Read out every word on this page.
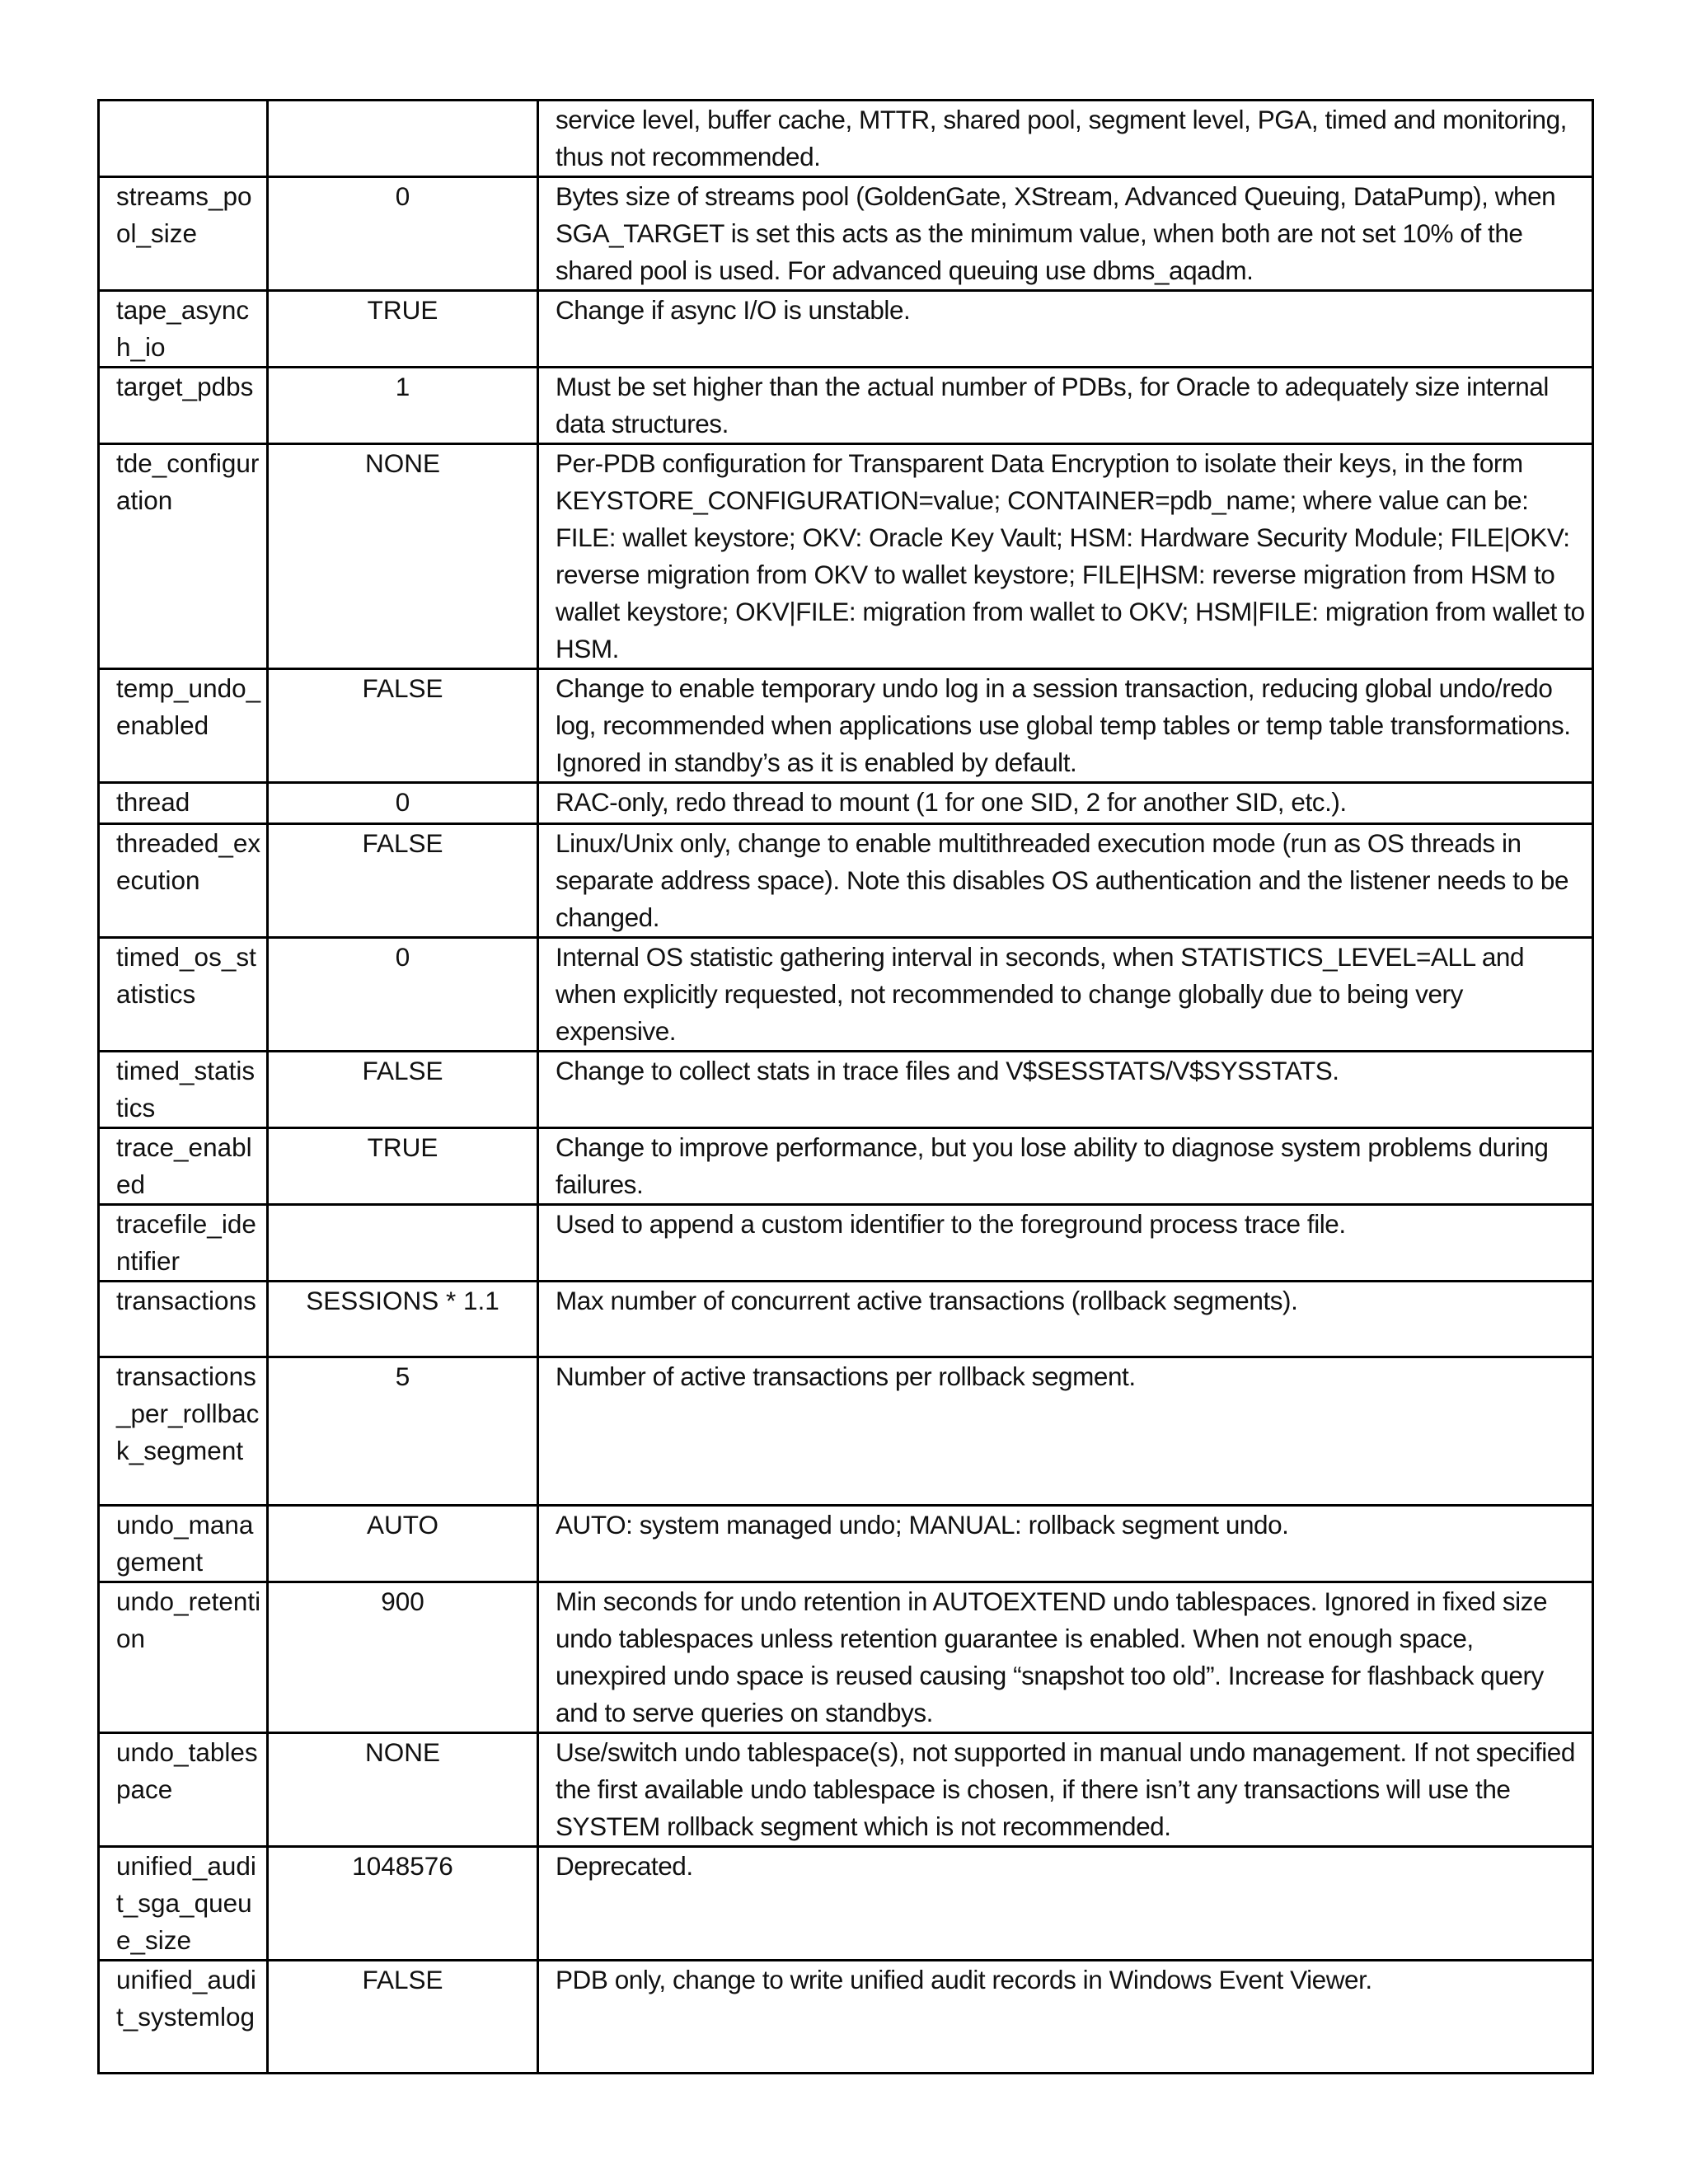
		service level, buffer cache, MTTR, shared pool, segment level, PGA, timed and monitoring, thus not recommended.
streams_pool_size	0	Bytes size of streams pool (GoldenGate, XStream, Advanced Queuing, DataPump), when SGA_TARGET is set this acts as the minimum value, when both are not set 10% of the shared pool is used. For advanced queuing use dbms_aqadm.
tape_asynch_io	TRUE	Change if async I/O is unstable.
target_pdbs	1	Must be set higher than the actual number of PDBs, for Oracle to adequately size internal data structures.
tde_configuration	NONE	Per-PDB configuration for Transparent Data Encryption to isolate their keys, in the form KEYSTORE_CONFIGURATION=value; CONTAINER=pdb_name; where value can be: FILE: wallet keystore; OKV: Oracle Key Vault; HSM: Hardware Security Module; FILE|OKV: reverse migration from OKV to wallet keystore; FILE|HSM: reverse migration from HSM to wallet keystore; OKV|FILE: migration from wallet to OKV; HSM|FILE: migration from wallet to HSM.
temp_undo_enabled	FALSE	Change to enable temporary undo log in a session transaction, reducing global undo/redo log, recommended when applications use global temp tables or temp table transformations. Ignored in standby’s as it is enabled by default.
thread	0	RAC-only, redo thread to mount (1 for one SID, 2 for another SID, etc.).
threaded_execution	FALSE	Linux/Unix only, change to enable multithreaded execution mode (run as OS threads in separate address space). Note this disables OS authentication and the listener needs to be changed.
timed_os_statistics	0	Internal OS statistic gathering interval in seconds, when STATISTICS_LEVEL=ALL and when explicitly requested, not recommended to change globally due to being very expensive.
timed_statistics	FALSE	Change to collect stats in trace files and V$SESSTATS/V$SYSSTATS.
trace_enabled	TRUE	Change to improve performance, but you lose ability to diagnose system problems during failures.
tracefile_identifier		Used to append a custom identifier to the foreground process trace file.
transactions	SESSIONS * 1.1	Max number of concurrent active transactions (rollback segments).
transactions_per_rollback_segment	5	Number of active transactions per rollback segment.
undo_management	AUTO	AUTO: system managed undo; MANUAL: rollback segment undo.
undo_retention	900	Min seconds for undo retention in AUTOEXTEND undo tablespaces. Ignored in fixed size undo tablespaces unless retention guarantee is enabled. When not enough space, unexpired undo space is reused causing “snapshot too old”. Increase for flashback query and to serve queries on standbys.
undo_tablespace	NONE	Use/switch undo tablespace(s), not supported in manual undo management. If not specified the first available undo tablespace is chosen, if there isn’t any transactions will use the SYSTEM rollback segment which is not recommended.
unified_audit_sga_queue_size	1048576	Deprecated.
unified_audit_systemlog	FALSE	PDB only, change to write unified audit records in Windows Event Viewer.
